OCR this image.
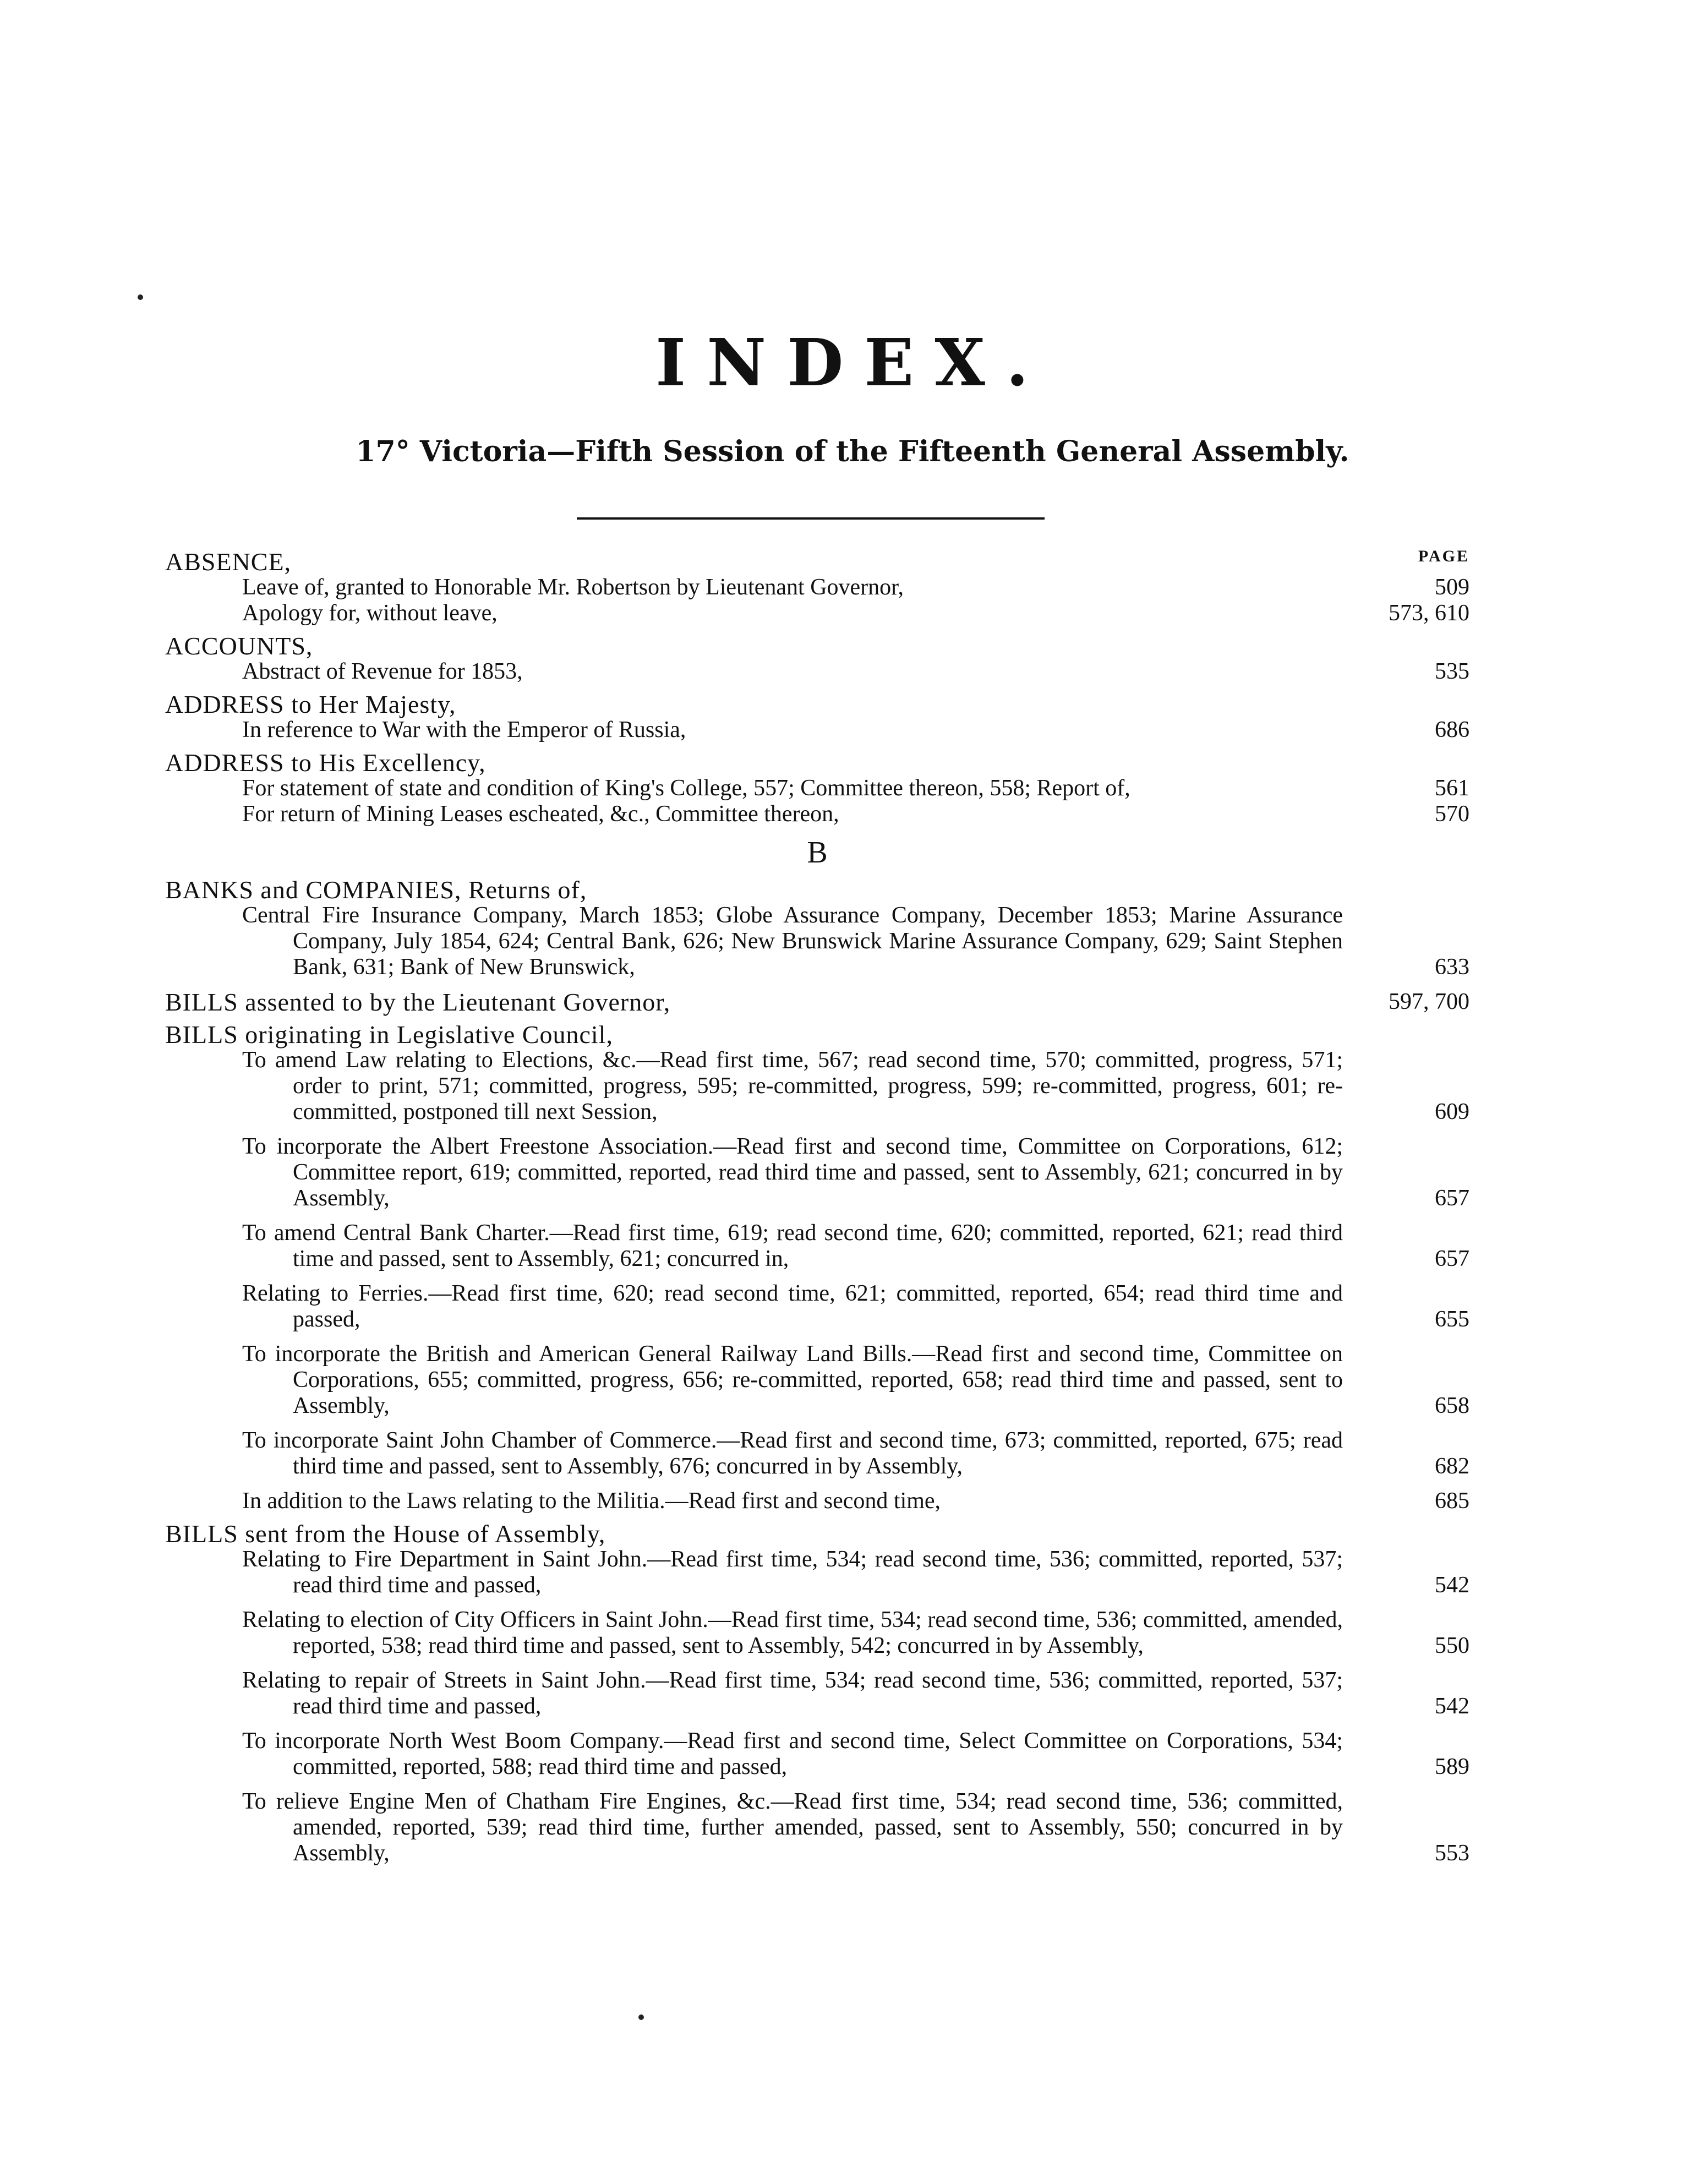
INDEX.
17° Victoria—Fifth Session of the Fifteenth General Assembly.
PAGE
ABSENCE,
Leave of, granted to Honorable Mr. Robertson by Lieutenant Governor,	509
Apology for, without leave,	573, 610
ACCOUNTS,
Abstract of Revenue for 1853,	535
ADDRESS to Her Majesty,
In reference to War with the Emperor of Russia,	686
ADDRESS to His Excellency,
For statement of state and condition of King's College, 557; Committee thereon, 558; Report of,	561
For return of Mining Leases escheated, &c., Committee thereon,	570
B
BANKS and COMPANIES, Returns of,
Central Fire Insurance Company, March 1853; Globe Assurance Company, December 1853; Marine Assurance Company, July 1854, 624; Central Bank, 626; New Brunswick Marine Assurance Company, 629; Saint Stephen Bank, 631; Bank of New Brunswick,	633
BILLS assented to by the Lieutenant Governor,	597, 700
BILLS originating in Legislative Council,
To amend Law relating to Elections, &c.—Read first time, 567; read second time, 570; committed, progress, 571; order to print, 571; committed, progress, 595; re-committed, progress, 599; re-committed, progress, 601; re-committed, postponed till next Session,	609
To incorporate the Albert Freestone Association.—Read first and second time, Committee on Corporations, 612; Committee report, 619; committed, reported, read third time and passed, sent to Assembly, 621; concurred in by Assembly,	657
To amend Central Bank Charter.—Read first time, 619; read second time, 620; committed, reported, 621; read third time and passed, sent to Assembly, 621; concurred in,	657
Relating to Ferries.—Read first time, 620; read second time, 621; committed, reported, 654; read third time and passed,	655
To incorporate the British and American General Railway Land Bills.—Read first and second time, Committee on Corporations, 655; committed, progress, 656; re-committed, reported, 658; read third time and passed, sent to Assembly,	658
To incorporate Saint John Chamber of Commerce.—Read first and second time, 673; committed, reported, 675; read third time and passed, sent to Assembly, 676; concurred in by Assembly,	682
In addition to the Laws relating to the Militia.—Read first and second time,	685
BILLS sent from the House of Assembly,
Relating to Fire Department in Saint John.—Read first time, 534; read second time, 536; committed, reported, 537; read third time and passed,	542
Relating to election of City Officers in Saint John.—Read first time, 534; read second time, 536; committed, amended, reported, 538; read third time and passed, sent to Assembly, 542; concurred in by Assembly,	550
Relating to repair of Streets in Saint John.—Read first time, 534; read second time, 536; committed, reported, 537; read third time and passed,	542
To incorporate North West Boom Company.—Read first and second time, Select Committee on Corporations, 534; committed, reported, 588; read third time and passed,	589
To relieve Engine Men of Chatham Fire Engines, &c.—Read first time, 534; read second time, 536; committed, amended, reported, 539; read third time, further amended, passed, sent to Assembly, 550; concurred in by Assembly,	553
